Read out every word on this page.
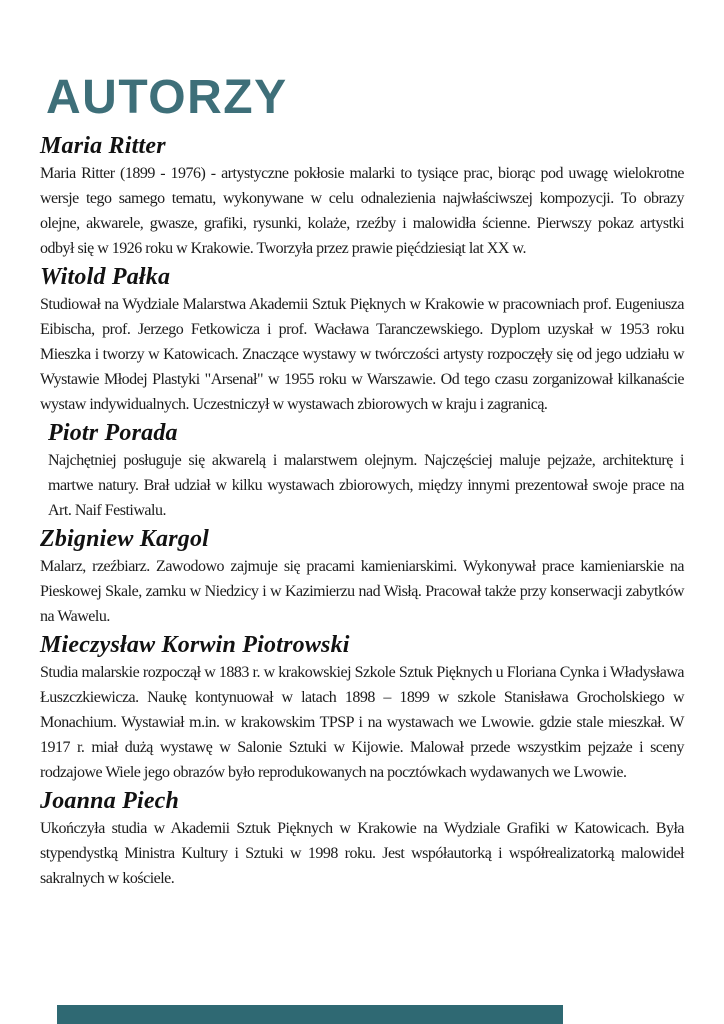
AUTORZY
Maria Ritter

Maria Ritter (1899 - 1976) - artystyczne pokłosie malarki to tysiące prac, biorąc pod uwagę wielokrotne wersje tego samego tematu, wykonywane w celu odnalezienia najwłaściwszej kompozycji. To obrazy olejne, akwarele, gwasze, grafiki, rysunki, kolaże, rzeźby i malowidła ścienne. Pierwszy pokaz artystki odbył się w 1926 roku w Krakowie. Tworzyła przez prawie pięćdziesiąt lat XX w.

Witold Pałka

Studiował na Wydziale Malarstwa Akademii Sztuk Pięknych w Krakowie w pracowniach prof. Eugeniusza Eibischa, prof. Jerzego Fetkowicza i prof. Wacława Taranczewskiego. Dyplom uzyskał w 1953 roku Mieszka i tworzy w Katowicach. Znaczące wystawy w twórczości artysty rozpoczęły się od jego udziału w Wystawie Młodej Plastyki "Arsenał" w 1955 roku w Warszawie. Od tego czasu zorganizował kilkanaście wystaw indywidualnych. Uczestniczył w wystawach zbiorowych w kraju i zagranicą.

Piotr Porada

Najchętniej posługuje się akwarelą i malarstwem olejnym. Najczęściej maluje pejzaże, architekturę i martwe natury. Brał udział w kilku wystawach zbiorowych, między innymi prezentował swoje prace na Art. Naif Festiwalu.

Zbigniew Kargol

Malarz, rzeźbiarz. Zawodowo zajmuje się pracami kamieniarskimi. Wykonywał prace kamieniarskie na Pieskowej Skale, zamku w Niedzicy i w Kazimierzu nad Wisłą. Pracował także przy konserwacji zabytków na Wawelu.

Mieczysław Korwin Piotrowski

Studia malarskie rozpoczął w 1883 r. w krakowskiej Szkole Sztuk Pięknych u Floriana Cynka i Władysława Łuszczkiewicza. Naukę kontynuował w latach 1898 – 1899 w szkole Stanisława Grocholskiego w Monachium. Wystawiał m.in. w krakowskim TPSP i na wystawach we Lwowie. gdzie stale mieszkał. W 1917 r. miał dużą wystawę w Salonie Sztuki w Kijowie. Malował przede wszystkim pejzaże i sceny rodzajowe Wiele jego obrazów było reprodukowanych na pocztówkach wydawanych we Lwowie.

Joanna Piech

Ukończyła studia w Akademii Sztuk Pięknych w Krakowie na Wydziale Grafiki w Katowicach. Była stypendystką Ministra Kultury i Sztuki w 1998 roku. Jest współautorką i współrealizatorką malowideł sakralnych w kościele.
